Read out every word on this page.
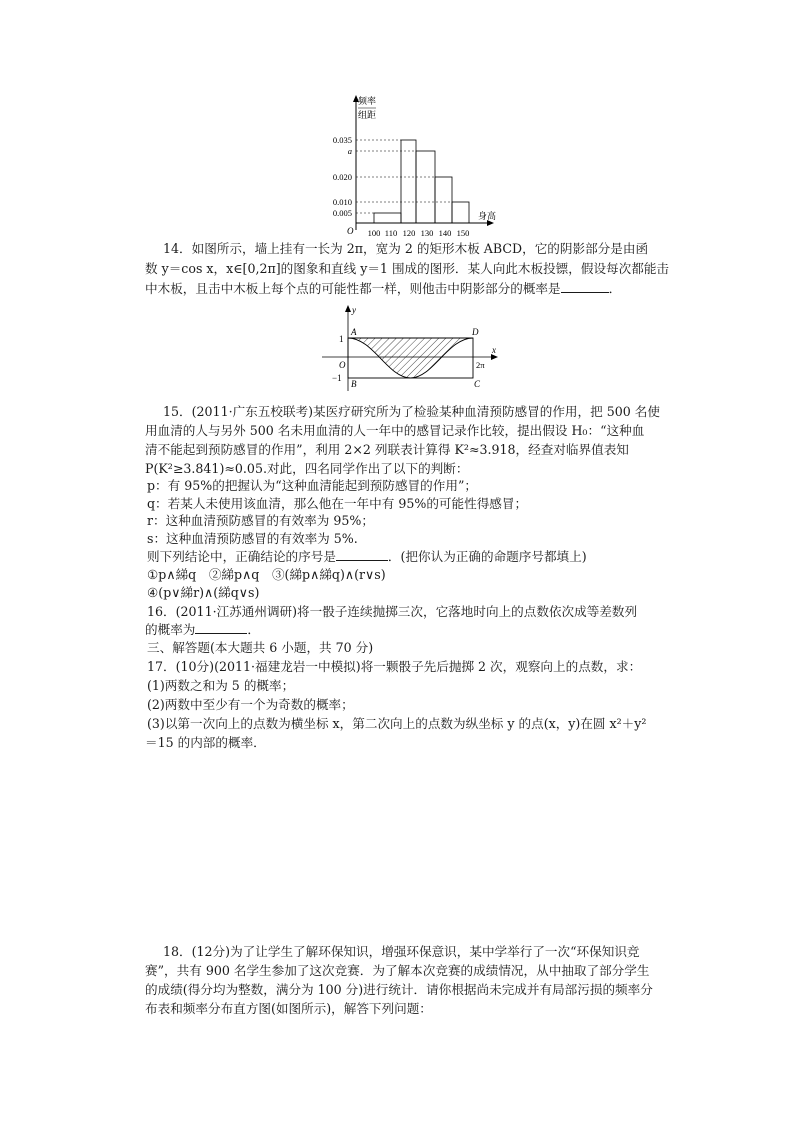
频率
组距
身高
O
0.035
a
0.020
0.010
0.005
100 110 120 130 140 150
14．如图所示，墙上挂有一长为 2π，宽为 2 的矩形木板 ABCD，它的阴影部分是由函
数 y＝cos x，x∈[0,2π]的图象和直线 y＝1 围成的图形．某人向此木板投镖，假设每次都能击
中木板，且击中木板上每个点的可能性都一样，则他击中阴影部分的概率是	．
y
x
A	D
B	C
O
1
−1
2π
15．(2011·广东五校联考)某医疗研究所为了检验某种血清预防感冒的作用，把 500 名使
用血清的人与另外 500 名未用血清的人一年中的感冒记录作比较，提出假设 H₀：“这种血
清不能起到预防感冒的作用”，利用 2×2 列联表计算得 K²≈3.918，经查对临界值表知
P(K²≥3.841)≈0.05.对此，四名同学作出了以下的判断：
p：有 95%的把握认为“这种血清能起到预防感冒的作用”；
q：若某人未使用该血清，那么他在一年中有 95%的可能性得感冒；
r：这种血清预防感冒的有效率为 95%；
s：这种血清预防感冒的有效率为 5%.
则下列结论中，正确结论的序号是	．(把你认为正确的命题序号都填上)
①p∧綈q　②綈p∧q　③(綈p∧綈q)∧(r∨s)
④(p∨綈r)∧(綈q∨s)
16．(2011·江苏通州调研)将一骰子连续抛掷三次，它落地时向上的点数依次成等差数列
的概率为	．
三、解答题(本大题共 6 小题，共 70 分)
17．(10分)(2011·福建龙岩一中模拟)将一颗骰子先后抛掷 2 次，观察向上的点数，求：
(1)两数之和为 5 的概率；
(2)两数中至少有一个为奇数的概率；
(3)以第一次向上的点数为横坐标 x，第二次向上的点数为纵坐标 y 的点(x，y)在圆 x²＋y²
＝15 的内部的概率．
18．(12分)为了让学生了解环保知识，增强环保意识，某中学举行了一次“环保知识竞
赛”，共有 900 名学生参加了这次竞赛．为了解本次竞赛的成绩情况，从中抽取了部分学生
的成绩(得分均为整数，满分为 100 分)进行统计．请你根据尚未完成并有局部污损的频率分
布表和频率分布直方图(如图所示)，解答下列问题：
